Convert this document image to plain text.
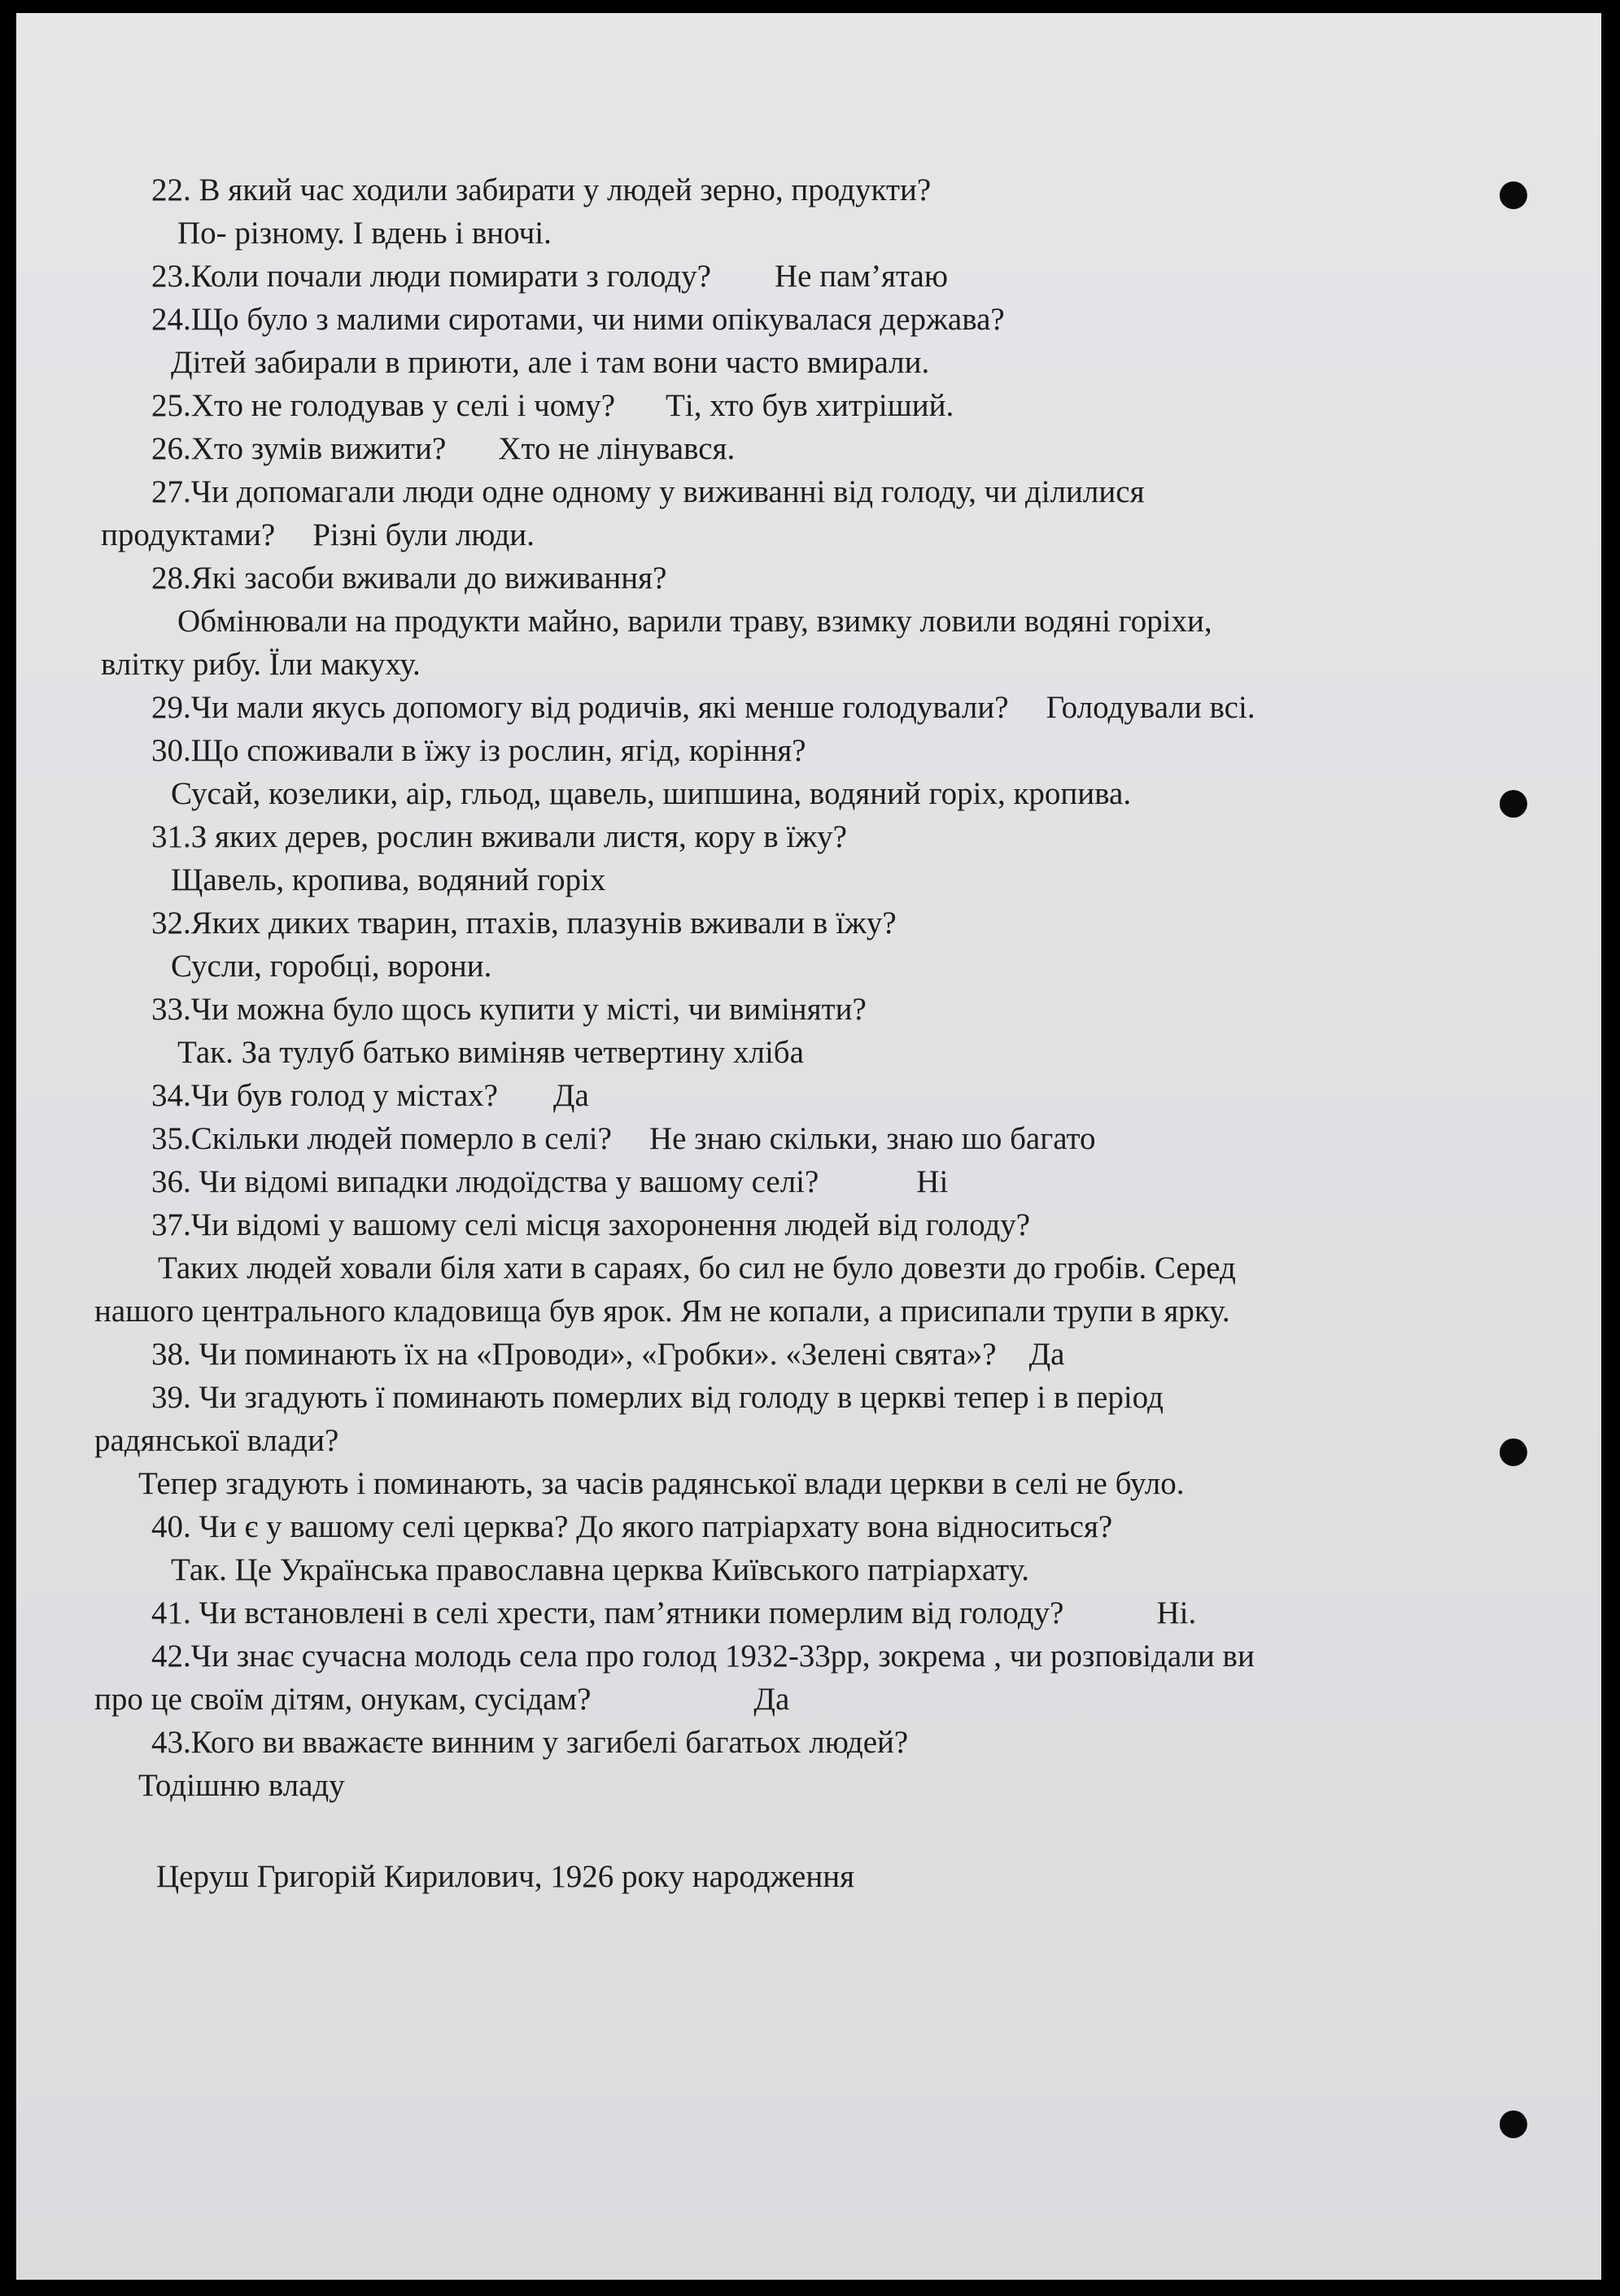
22. В який час ходили забирати у людей зерно, продукти?
По- різному. І вдень і вночі.
23.Коли почали люди помирати з голоду? Не пам’ятаю
24.Що було з малими сиротами, чи ними опікувалася держава?
Дітей забирали в приюти, але і там вони часто вмирали.
25.Хто не голодував у селі і чому? Ті, хто був хитріший.
26.Хто зумів вижити? Хто не лінувався.
27.Чи допомагали люди одне одному у виживанні від голоду, чи ділилися
продуктами? Різні були люди.
28.Які засоби вживали до виживання?
Обмінювали на продукти майно, варили траву, взимку ловили водяні горіхи,
влітку рибу. Їли макуху.
29.Чи мали якусь допомогу від родичів, які менше голодували? Голодували всі.
30.Що споживали в їжу із рослин, ягід, коріння?
Сусай, козелики, аір, гльод, щавель, шипшина, водяний горіх, кропива.
31.З яких дерев, рослин вживали листя, кору в їжу?
Щавель, кропива, водяний горіх
32.Яких диких тварин, птахів, плазунів вживали в їжу?
Сусли, горобці, ворони.
33.Чи можна було щось купити у місті, чи виміняти?
Так. За тулуб батько виміняв четвертину хліба
34.Чи був голод у містах? Да
35.Скільки людей померло в селі? Не знаю скільки, знаю шо багато
36. Чи відомі випадки людоїдства у вашому селі?	Ні
37.Чи відомі у вашому селі місця захоронення людей від голоду?
Таких людей ховали біля хати в сараях, бо сил не було довезти до гробів. Серед
нашого центрального кладовища був ярок. Ям не копали, а присипали трупи в ярку.
38. Чи поминають їх на «Проводи», «Гробки». «Зелені свята»? Да
39. Чи згадують ї поминають померлих від голоду в церкві тепер і в період
радянської влади?
Тепер згадують і поминають, за часів радянської влади церкви в селі не було.
40. Чи є у вашому селі церква? До якого патріархату вона відноситься?
Так. Це Українська православна церква Київського патріархату.
41. Чи встановлені в селі хрести, пам’ятники померлим від голоду?	Ні.
42.Чи знає сучасна молодь села про голод 1932-33рр, зокрема , чи розповідали ви
про це своїм дітям, онукам, сусідам?	Да
43.Кого ви вважаєте винним у загибелі багатьох людей?
Тодішню владу
Церуш Григорій Кирилович, 1926 року народження
